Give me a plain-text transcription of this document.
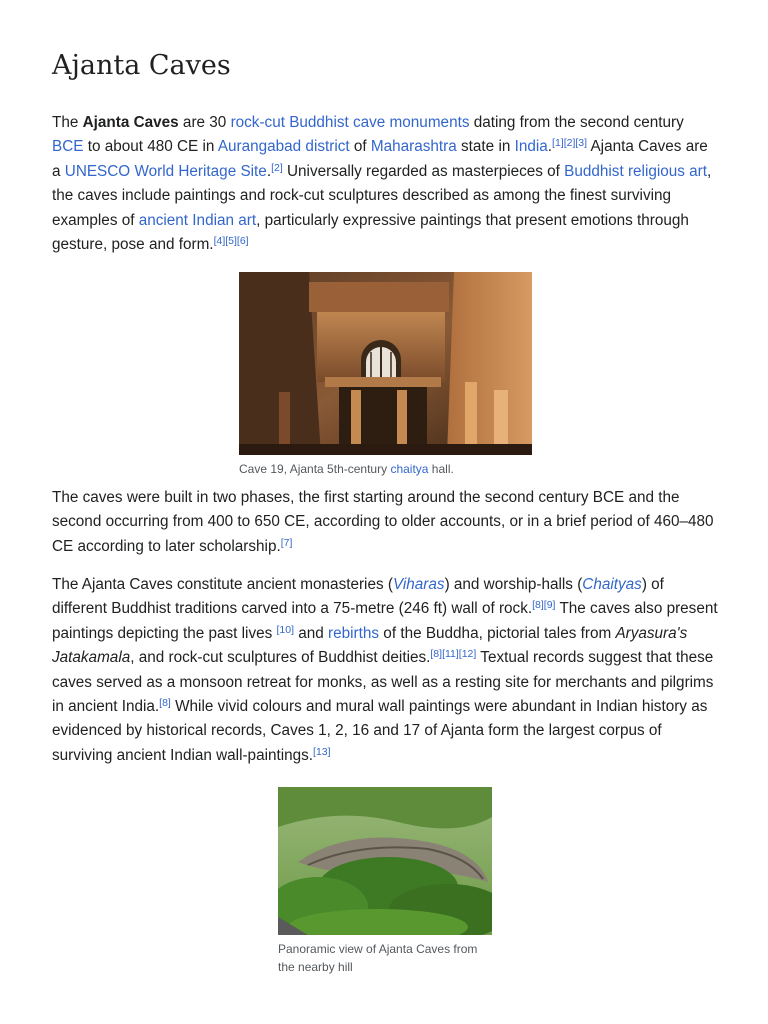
Ajanta Caves

The Ajanta Caves are 30 rock-cut Buddhist cave monuments dating from the second century BCE to about 480 CE in Aurangabad district of Maharashtra state in India.[1][2][3] Ajanta Caves are a UNESCO World Heritage Site.[2] Universally regarded as masterpieces of Buddhist religious art, the caves include paintings and rock-cut sculptures described as among the finest surviving examples of ancient Indian art, particularly expressive paintings that present emotions through gesture, pose and form.[4][5][6]

Cave 19, Ajanta 5th-century chaitya hall.

The caves were built in two phases, the first starting around the second century BCE and the second occurring from 400 to 650 CE, according to older accounts, or in a brief period of 460–480 CE according to later scholarship.[7]

The Ajanta Caves constitute ancient monasteries (Viharas) and worship-halls (Chaityas) of different Buddhist traditions carved into a 75-metre (246 ft) wall of rock.[8][9] The caves also present paintings depicting the past lives [10] and rebirths of the Buddha, pictorial tales from Aryasura's Jatakamala, and rock-cut sculptures of Buddhist deities.[8][11][12] Textual records suggest that these caves served as a monsoon retreat for monks, as well as a resting site for merchants and pilgrims in ancient India.[8] While vivid colours and mural wall paintings were abundant in Indian history as evidenced by historical records, Caves 1, 2, 16 and 17 of Ajanta form the largest corpus of surviving ancient Indian wall-paintings.[13]

Panoramic view of Ajanta Caves from the nearby hill
